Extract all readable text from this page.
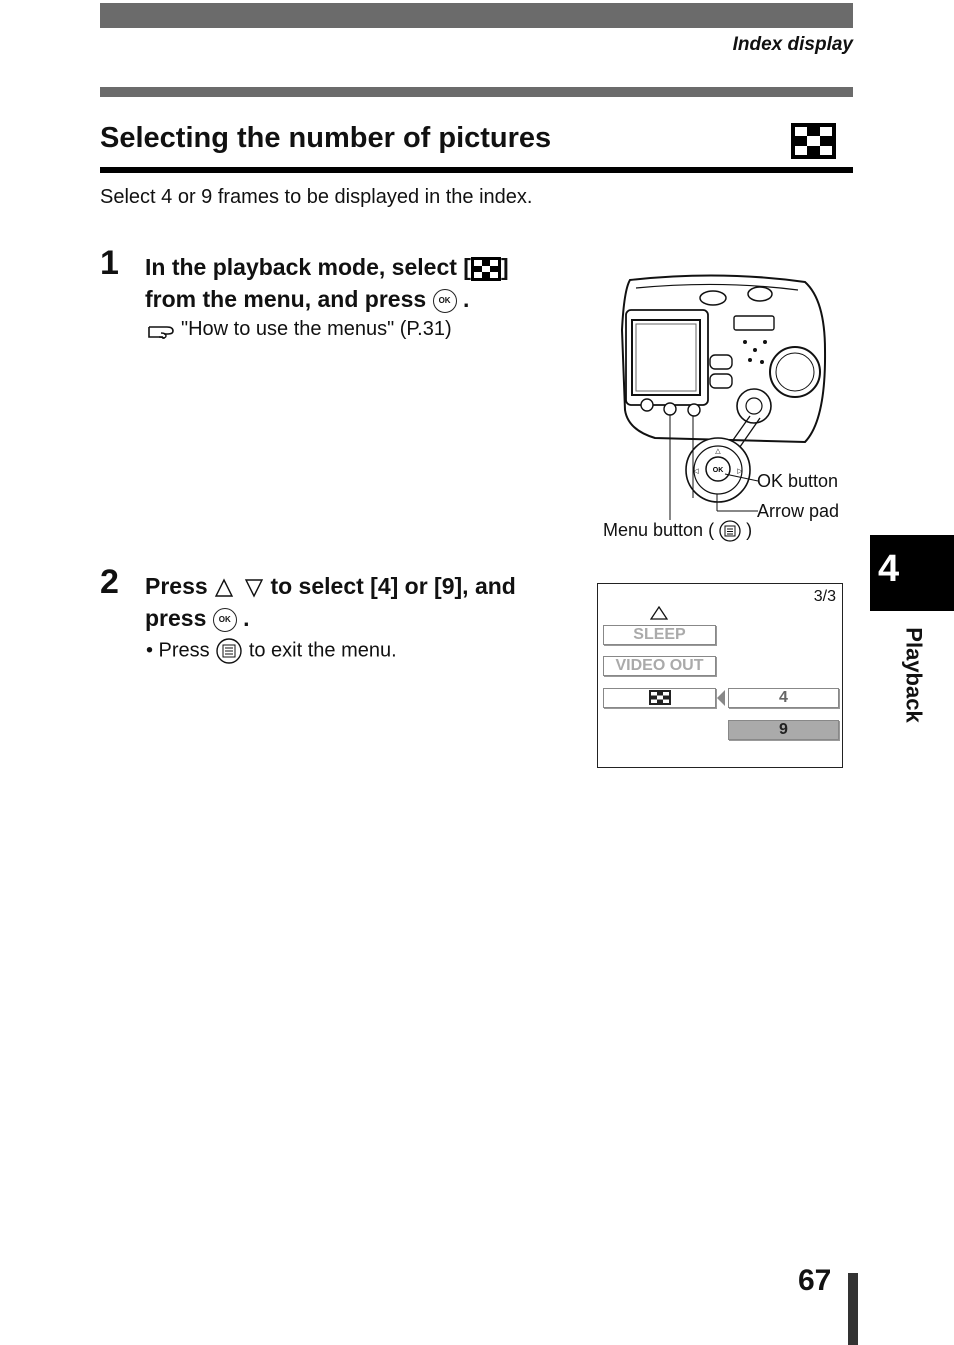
Index display
Selecting the number of pictures
Select 4 or 9 frames to be displayed in the index.
1 In the playback mode, select [ ]
from the menu, and press OK .
"How to use the menus" (P.31)
OK
△
◁	▷ OK button
Arrow pad
Menu button ( )
2 Press	to select [4] or [9], and
press OK .
• Press to exit the menu.
3/3
SLEEP
VIDEO OUT
4
9
4
Playback
67
